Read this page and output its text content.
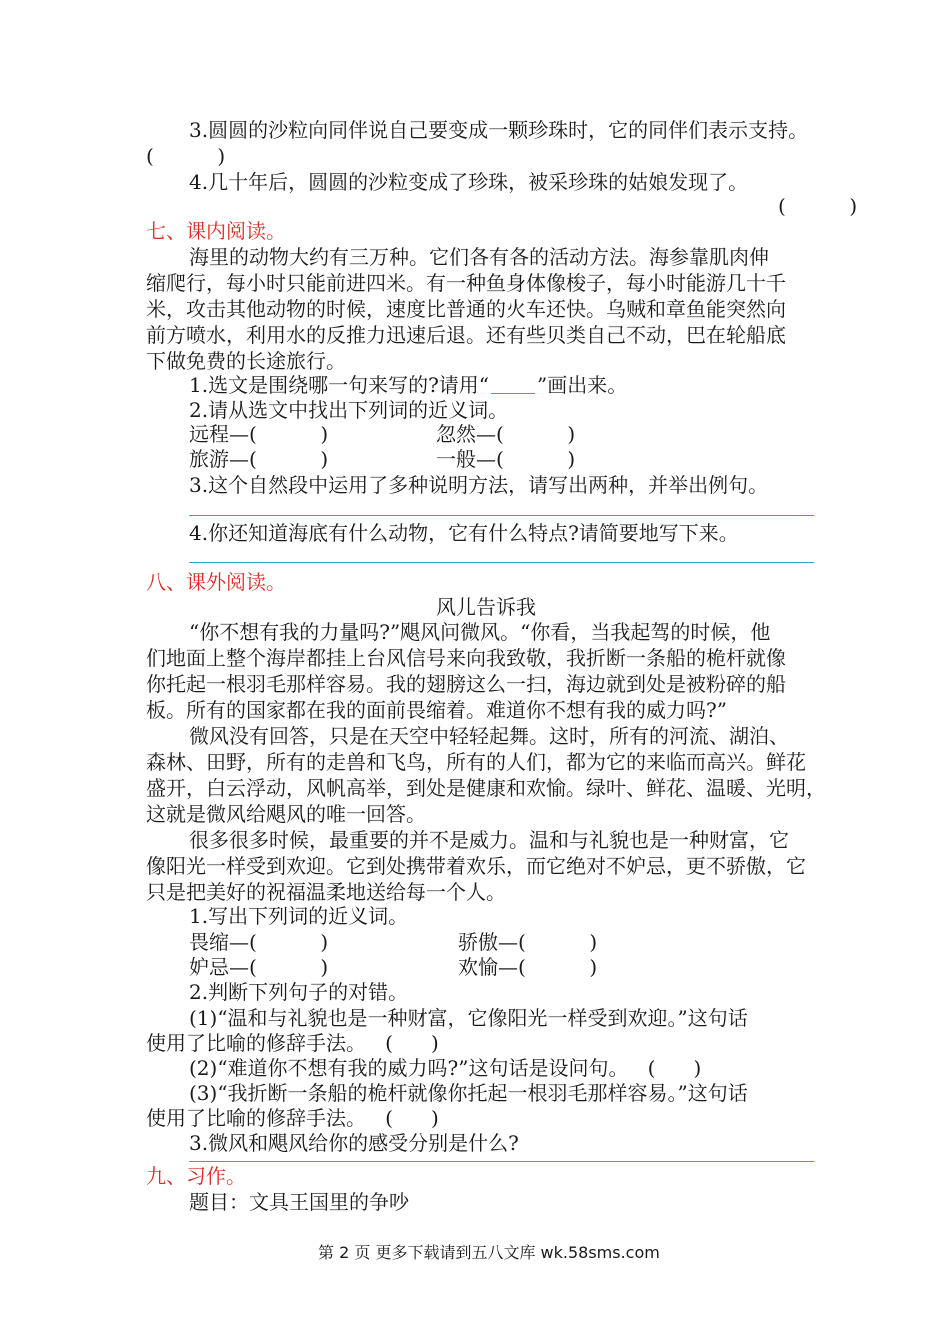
3.圆圆的沙粒向同伴说自己要变成一颗珍珠时，它的同伴们表示支持。
(          )
4.几十年后，圆圆的沙粒变成了珍珠，被采珍珠的姑娘发现了。
(          )
七、课内阅读。
海里的动物大约有三万种。它们各有各的活动方法。海参靠肌肉伸
缩爬行，每小时只能前进四米。有一种鱼身体像梭子，每小时能游几十千
米，攻击其他动物的时候，速度比普通的火车还快。乌贼和章鱼能突然向
前方喷水，利用水的反推力迅速后退。还有些贝类自己不动，巴在轮船底
下做免费的长途旅行。
1.选文是围绕哪一句来写的?请用“ ”画出来。
2.请从选文中找出下列词的近义词。
远程—(          )	忽然—(          )
旅游—(          )	一般—(          )
3.这个自然段中运用了多种说明方法，请写出两种，并举出例句。
4.你还知道海底有什么动物，它有什么特点?请简要地写下来。
八、课外阅读。
风儿告诉我
“你不想有我的力量吗?”飓风问微风。“你看，当我起驾的时候，他
们地面上整个海岸都挂上台风信号来向我致敬，我折断一条船的桅杆就像
你托起一根羽毛那样容易。我的翅膀这么一扫，海边就到处是被粉碎的船
板。所有的国家都在我的面前畏缩着。难道你不想有我的威力吗?”
微风没有回答，只是在天空中轻轻起舞。这时，所有的河流、湖泊、
森林、田野，所有的走兽和飞鸟，所有的人们，都为它的来临而高兴。鲜花
盛开，白云浮动，风帆高举，到处是健康和欢愉。绿叶、鲜花、温暖、光明，
这就是微风给飓风的唯一回答。
很多很多时候，最重要的并不是威力。温和与礼貌也是一种财富，它
像阳光一样受到欢迎。它到处携带着欢乐，而它绝对不妒忌，更不骄傲，它
只是把美好的祝福温柔地送给每一个人。
1.写出下列词的近义词。
畏缩—(          )	骄傲—(          )
妒忌—(          )	欢愉—(          )
2.判断下列句子的对错。
(1)“温和与礼貌也是一种财富，它像阳光一样受到欢迎。”这句话
使用了比喻的修辞手法。   (      )
(2)“难道你不想有我的威力吗?”这句话是设问句。   (      )
(3)“我折断一条船的桅杆就像你托起一根羽毛那样容易。”这句话
使用了比喻的修辞手法。   (      )
3.微风和飓风给你的感受分别是什么?
九、习作。
题目：文具王国里的争吵
第 2 页 更多下载请到五八文库 wk.58sms.com
